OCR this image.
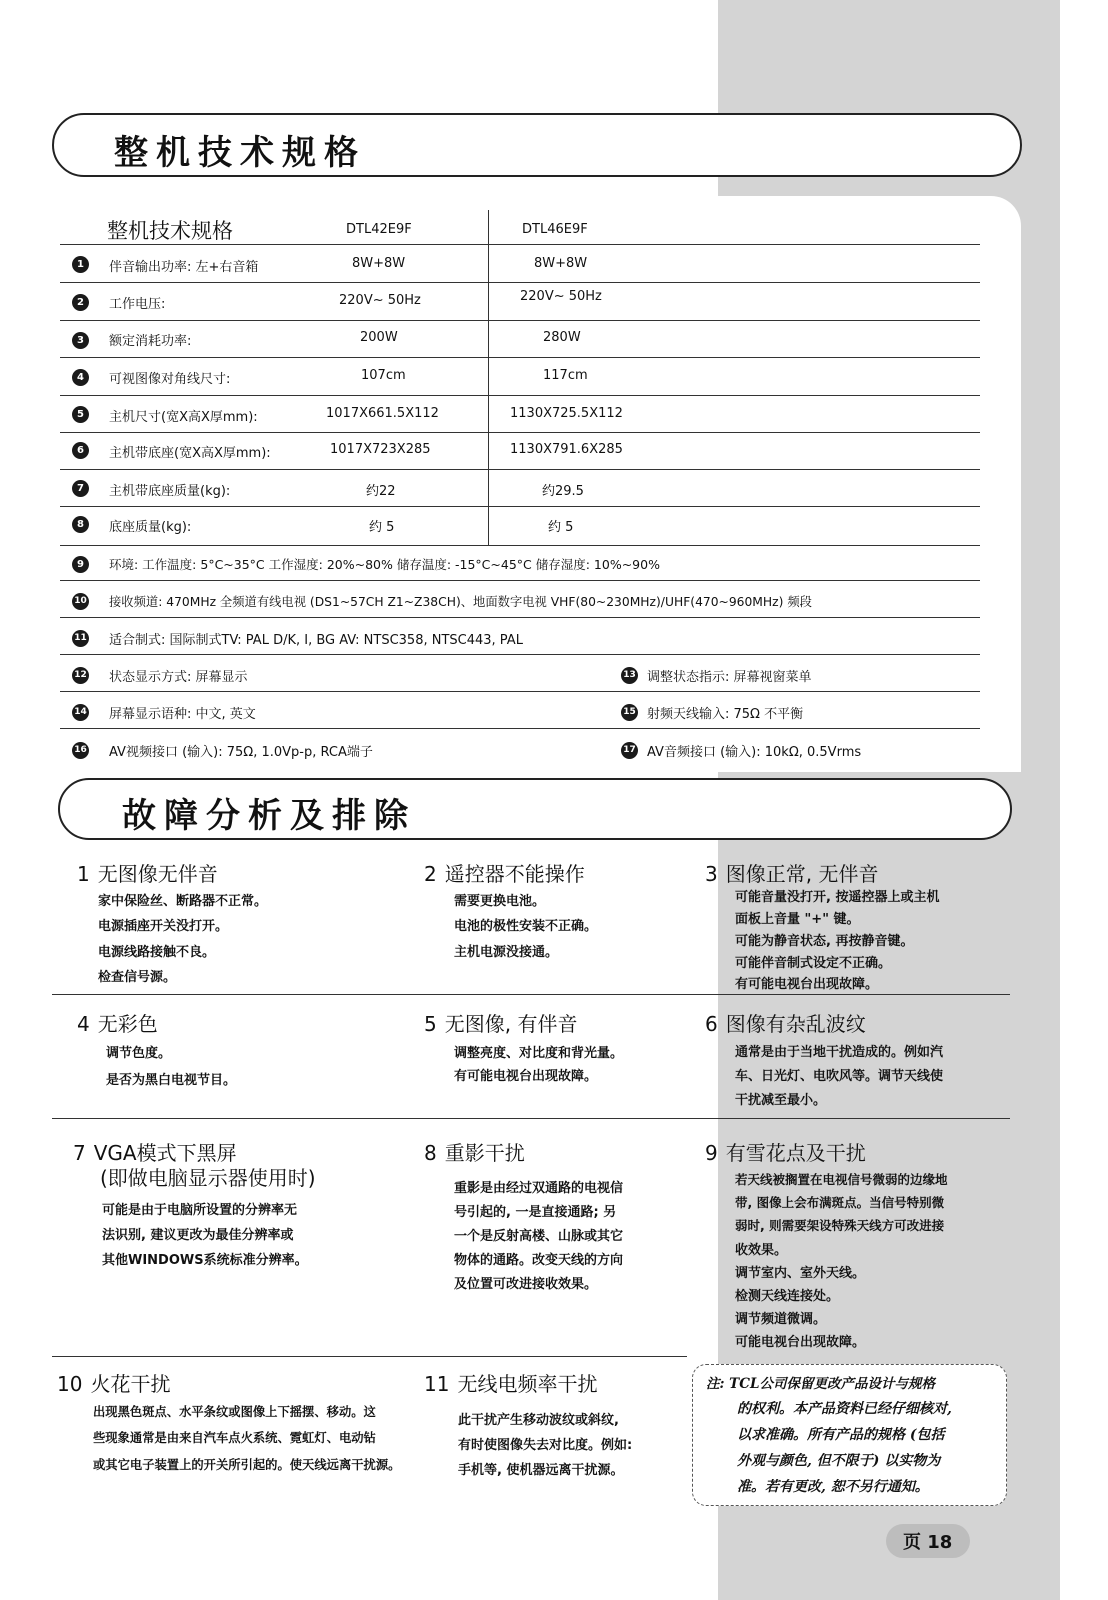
整机技术规格
整机技术规格	DTL42E9F	DTL46E9F
1	伴音输出功率: 左+右音箱	8W+8W	8W+8W
2	工作电压:	220V~ 50Hz	220V~ 50Hz
3	额定消耗功率:	200W	280W
4	可视图像对角线尺寸:	107cm	117cm
5	主机尺寸(宽X高X厚mm):	1017X661.5X112	1130X725.5X112
6	主机带底座(宽X高X厚mm):	1017X723X285	1130X791.6X285
7	主机带底座质量(kg):	约22	约29.5
8	底座质量(kg):	约 5	约 5
9	环境: 工作温度: 5°C~35°C 工作湿度: 20%~80% 储存温度: -15°C~45°C 储存湿度: 10%~90%
10 接收频道: 470MHz 全频道有线电视 (DS1~57CH Z1~Z38CH)、地面数字电视 VHF(80~230MHz)/UHF(470~960MHz) 频段
11 适合制式: 国际制式TV: PAL D/K, I, BG AV: NTSC358, NTSC443, PAL
12 状态显示方式: 屏幕显示	13 调整状态指示: 屏幕视窗菜单
14 屏幕显示语种: 中文, 英文	15 射频天线输入: 75Ω 不平衡
16 AV视频接口 (输入): 75Ω, 1.0Vp-p, RCA端子	17 AV音频接口 (输入): 10kΩ, 0.5Vrms
故障分析及排除
1 无图像无伴音
家中保险丝、断路器不正常。
电源插座开关没打开。
电源线路接触不良。
检查信号源。
2 遥控器不能操作
需要更换电池。
电池的极性安装不正确。
主机电源没接通。
3 图像正常, 无伴音
可能音量没打开, 按遥控器上或主机
面板上音量 "+" 键。
可能为静音状态, 再按静音键。
可能伴音制式设定不正确。
有可能电视台出现故障。
4 无彩色
调节色度。
是否为黑白电视节目。
5 无图像, 有伴音
调整亮度、对比度和背光量。
有可能电视台出现故障。
6 图像有杂乱波纹
通常是由于当地干扰造成的。例如汽
车、日光灯、电吹风等。调节天线使
干扰减至最小。
7 VGA模式下黑屏
(即做电脑显示器使用时)
可能是由于电脑所设置的分辨率无
法识别, 建议更改为最佳分辨率或
其他WINDOWS系统标准分辨率。
8 重影干扰
重影是由经过双通路的电视信
号引起的, 一是直接通路; 另
一个是反射高楼、山脉或其它
物体的通路。改变天线的方向
及位置可改进接收效果。
9 有雪花点及干扰
若天线被搁置在电视信号微弱的边缘地
带, 图像上会布满斑点。当信号特别微
弱时, 则需要架设特殊天线方可改进接
收效果。
调节室内、室外天线。
检测天线连接处。
调节频道微调。
可能电视台出现故障。
10 火花干扰
出现黑色斑点、水平条纹或图像上下摇摆、移动。这
些现象通常是由来自汽车点火系统、霓虹灯、电动钻
或其它电子装置上的开关所引起的。使天线远离干扰源。
11 无线电频率干扰
此干扰产生移动波纹或斜纹,
有时使图像失去对比度。例如:
手机等, 使机器远离干扰源。
注: TCL公司保留更改产品设计与规格
的权利。本产品资料已经仔细核对,
以求准确。所有产品的规格 (包括
外观与颜色, 但不限于) 以实物为
准。若有更改, 恕不另行通知。
页 18
